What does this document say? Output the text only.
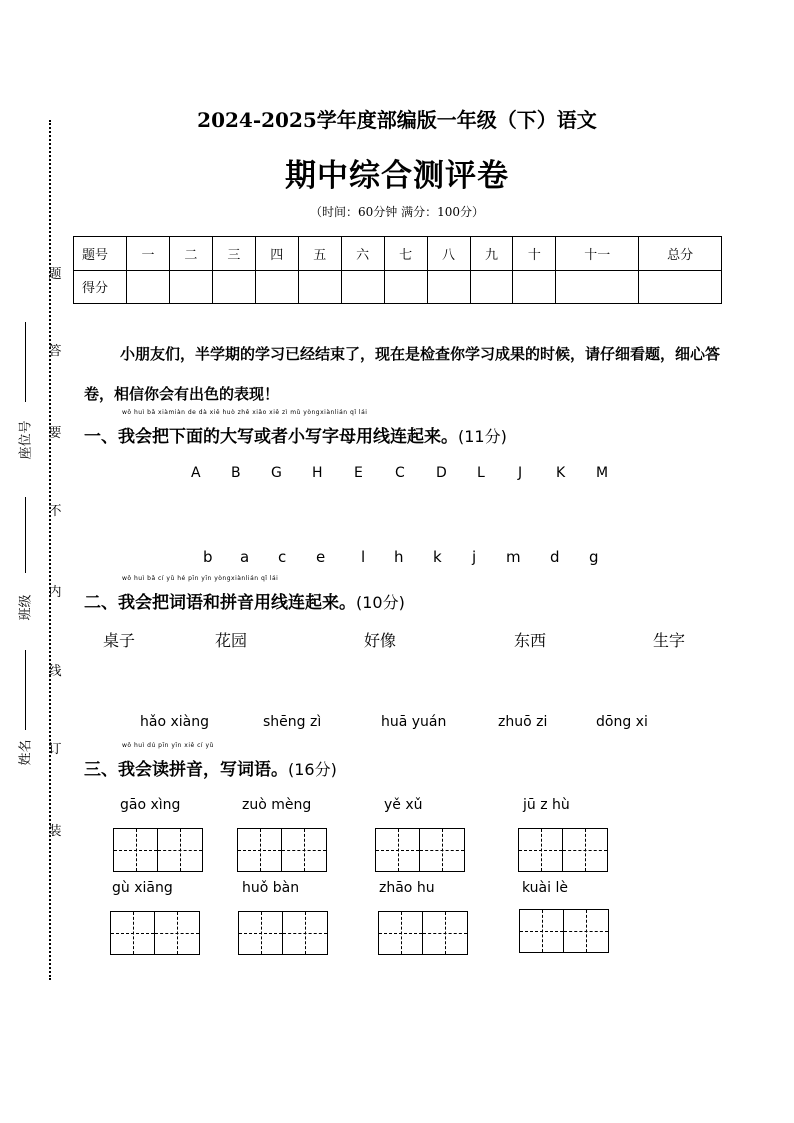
题
答
要
不
内
线
订
装
座位号
班级
姓名
2024-2025学年度部编版一年级（下）语文
期中综合测评卷
（时间：60分钟 满分：100分）
题号	一	二	三	四	五	六	七	八	九	十	十一	总分
得分												
小朋友们，半学期的学习已经结束了，现在是检查你学习成果的时候，请仔细看题，细心答卷，相信你会有出色的表现！
wǒ huì bǎ xiàmiàn de dà xiě huò zhě xiǎo xiě zì mǔ yòngxiànlián qǐ lái
一、我会把下面的大写或者小写字母用线连起来。(11分)
A B G H E C D L J K M
b a c e l h k j m d g
wǒ huì bǎ cí yǔ hé pīn yīn yòngxiànlián qǐ lái
二、我会把词语和拼音用线连起来。(10分)
桌子	花园	好像	东西	生字
hǎo xiàng	shēng zì	huā yuán	zhuō zi	dōng xi
wǒ huì dú pīn yīn xiě cí yǔ
三、我会读拼音，写词语。(16分)
gāo xìng	zuò mèng	yě xǔ	jū z hù
gù xiāng	huǒ bàn	zhāo hu	kuài lè
